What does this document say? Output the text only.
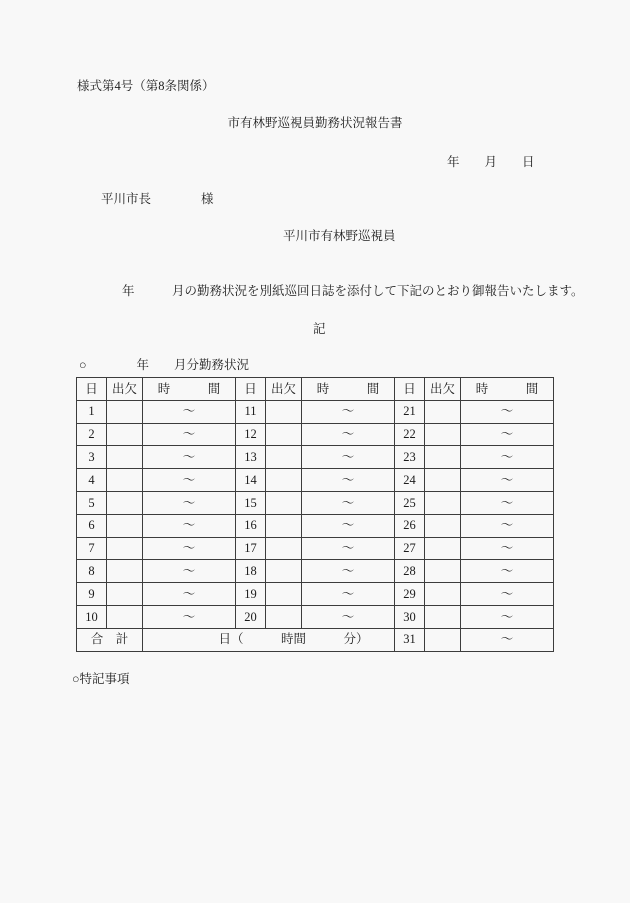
様式第4号（第8条関係）
市有林野巡視員勤務状況報告書
年　　月　　日
平川市長　　　　様
平川市有林野巡視員
年　　　月の勤務状況を別紙巡回日誌を添付して下記のとおり御報告いたします。
記
○　　　　年　　月分勤務状況
日	出欠	時　　　間	日	出欠	時　　　間	日	出欠	時　　　間
1		～	11		～	21		～
2		～	12		～	22		～
3		～	13		～	23		～
4		～	14		～	24		～
5		～	15		～	25		～
6		～	16		～	26		～
7		～	17		～	27		～
8		～	18		～	28		～
9		～	19		～	29		～
10		～	20		～	30		～
合　計		　　　　日（　　　時間　　　分）				31		～
○特記事項
